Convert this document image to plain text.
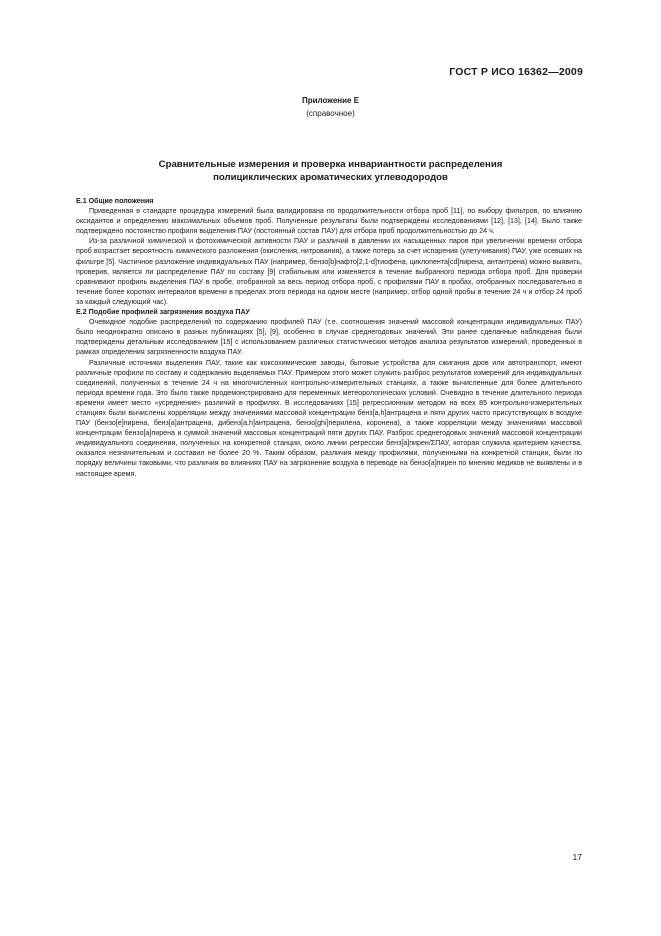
ГОСТ Р ИСО 16362—2009
Приложение Е
(справочное)
Сравнительные измерения и проверка инвариантности распределения
полициклических ароматических углеводородов
Е.1 Общие положения
Приведенная в стандарте процедура измерений была валидирована по продолжительности отбора проб [11], по выбору фильтров, по влиянию оксидантов и определению максимальных объемов проб. Полученные результаты были подтверждены исследованиями [12], [13], [14]. Было также подтверждено постоянство профиля выделения ПАУ (постоянный состав ПАУ) для отбора проб продолжительностью до 24 ч.
Из-за различной химической и фотохимической активности ПАУ и различий в давлении их насыщенных паров при увеличении времени отбора проб возрастает вероятность химического разложения (окисления, нитрования), а также потерь за счет испарения (улетучивания) ПАУ, уже осевших на фильтре [5]. Частичное разложение индивидуальных ПАУ (например, бензо[b]нафто[2,1-d]тиофена, циклопента[cd]пирена, антантрена) можно выявить, проверив, является ли распределение ПАУ по составу [9] стабильным или изменяется в течение выбранного периода отбора проб. Для проверки сравнивают профиль выделения ПАУ в пробе, отобранной за весь период отбора проб, с профилями ПАУ в пробах, отобранных последовательно в течение более коротких интервалов времени в пределах этого периода на одном месте (например, отбор одной пробы в течение 24 ч и отбор 24 проб за каждый следующий час).
Е.2 Подобие профилей загрязнения воздуха ПАУ
Очевидное подобие распределений по содержанию профилей ПАУ (т.е. соотношения значений массовой концентрации индивидуальных ПАУ) было неоднократно описано в разных публикациях [5], [9], особенно в случае среднегодовых значений. Эти ранее сделанные наблюдения были подтверждены детальным исследованием [15] с использованием различных статистических методов анализа результатов измерений, проведенных в рамках определения загрязненности воздуха ПАУ.
Различные источники выделения ПАУ, такие как коксохимические заводы, бытовые устройства для сжигания дров или автотранспорт, имеют различные профили по составу и содержанию выделяемых ПАУ. Примером этого может служить разброс результатов измерений для индивидуальных соединений, полученных в течение 24 ч на многочисленных контрольно-измерительных станциях, а также вычисленные для более длительного периода времени года. Это было также продемонстрировано для переменных метеорологических условий. Очевидно в течение длительного периода времени имеет место «усреднение» различий в профилях. В исследованиях [15] регрессионным методом на всех 85 контрольно-измерительных станциях были вычислены корреляции между значениями массовой концентрации бенз[a,h]антрацена и пяти других часто присутствующих в воздухе ПАУ (бензо[e]пирена, бенз[a]антрацена, дибенз[a,h]антрацена, бензо[ghi]перилена, коронена), а также корреляции между значениями массовой концентрации бензо[a]пирена и суммой значений массовых концентраций пяти других ПАУ. Разброс среднегодовых значений массовой концентрации индивидуального соединения, полученных на конкретной станции, около линии регрессии бенз[a]пирен/ΣПАУ, которая служила критерием качества, оказался незначительным и составил не более 20 %. Таким образом, различия между профилями, полученными на конкретной станции, были по порядку величины таковыми, что различия во влияниях ПАУ на загрязнение воздуха в переводе на бензо[a]пирен по мнению медиков не выявлены и в настоящее время.
17
